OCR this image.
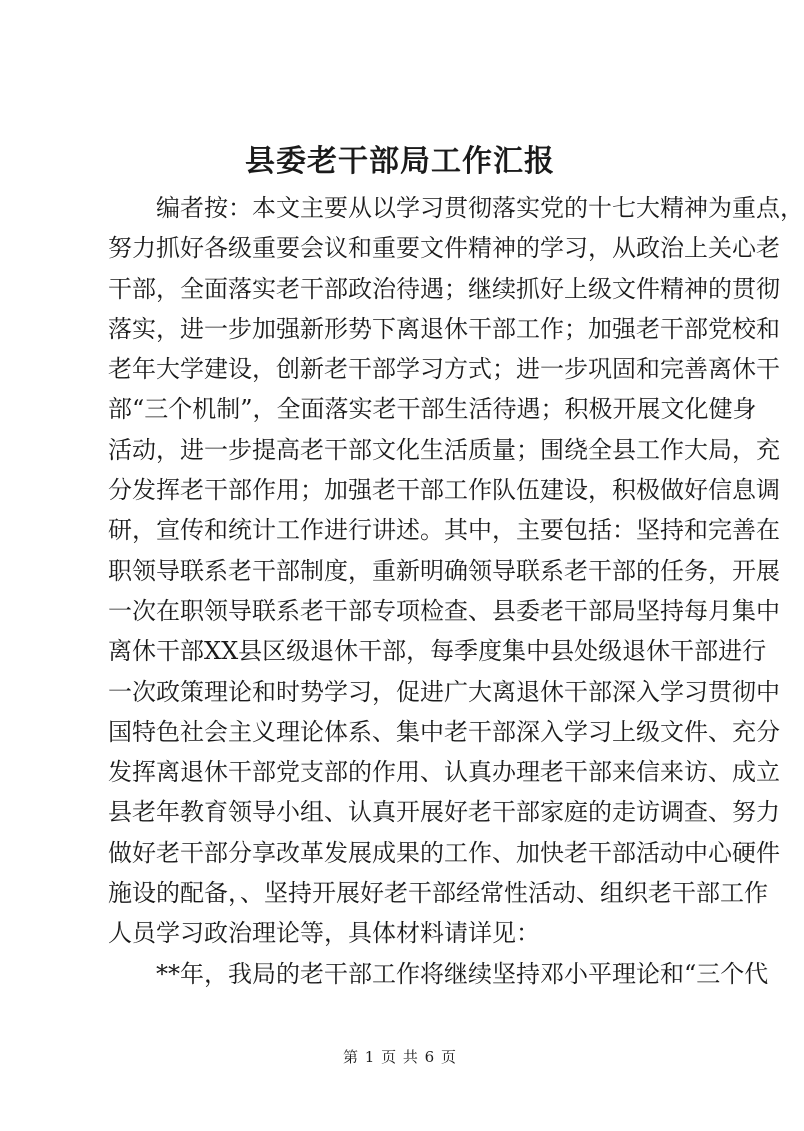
县委老干部局工作汇报
　　编者按：本文主要从以学习贯彻落实党的十七大精神为重点，
努力抓好各级重要会议和重要文件精神的学习，从政治上关心老
干部，全面落实老干部政治待遇；继续抓好上级文件精神的贯彻
落实，进一步加强新形势下离退休干部工作；加强老干部党校和
老年大学建设，创新老干部学习方式；进一步巩固和完善离休干
部“三个机制”，全面落实老干部生活待遇；积极开展文化健身
活动，进一步提高老干部文化生活质量；围绕全县工作大局，充
分发挥老干部作用；加强老干部工作队伍建设，积极做好信息调
研，宣传和统计工作进行讲述。其中，主要包括：坚持和完善在
职领导联系老干部制度，重新明确领导联系老干部的任务，开展
一次在职领导联系老干部专项检查、县委老干部局坚持每月集中
离休干部XX县区级退休干部，每季度集中县处级退休干部进行
一次政策理论和时势学习，促进广大离退休干部深入学习贯彻中
国特色社会主义理论体系、集中老干部深入学习上级文件、充分
发挥离退休干部党支部的作用、认真办理老干部来信来访、成立
县老年教育领导小组、认真开展好老干部家庭的走访调查、努力
做好老干部分享改革发展成果的工作、加快老干部活动中心硬件
施设的配备，、坚持开展好老干部经常性活动、组织老干部工作
人员学习政治理论等，具体材料请详见：
　　**年，我局的老干部工作将继续坚持邓小平理论和“三个代
第 1 页 共 6 页
